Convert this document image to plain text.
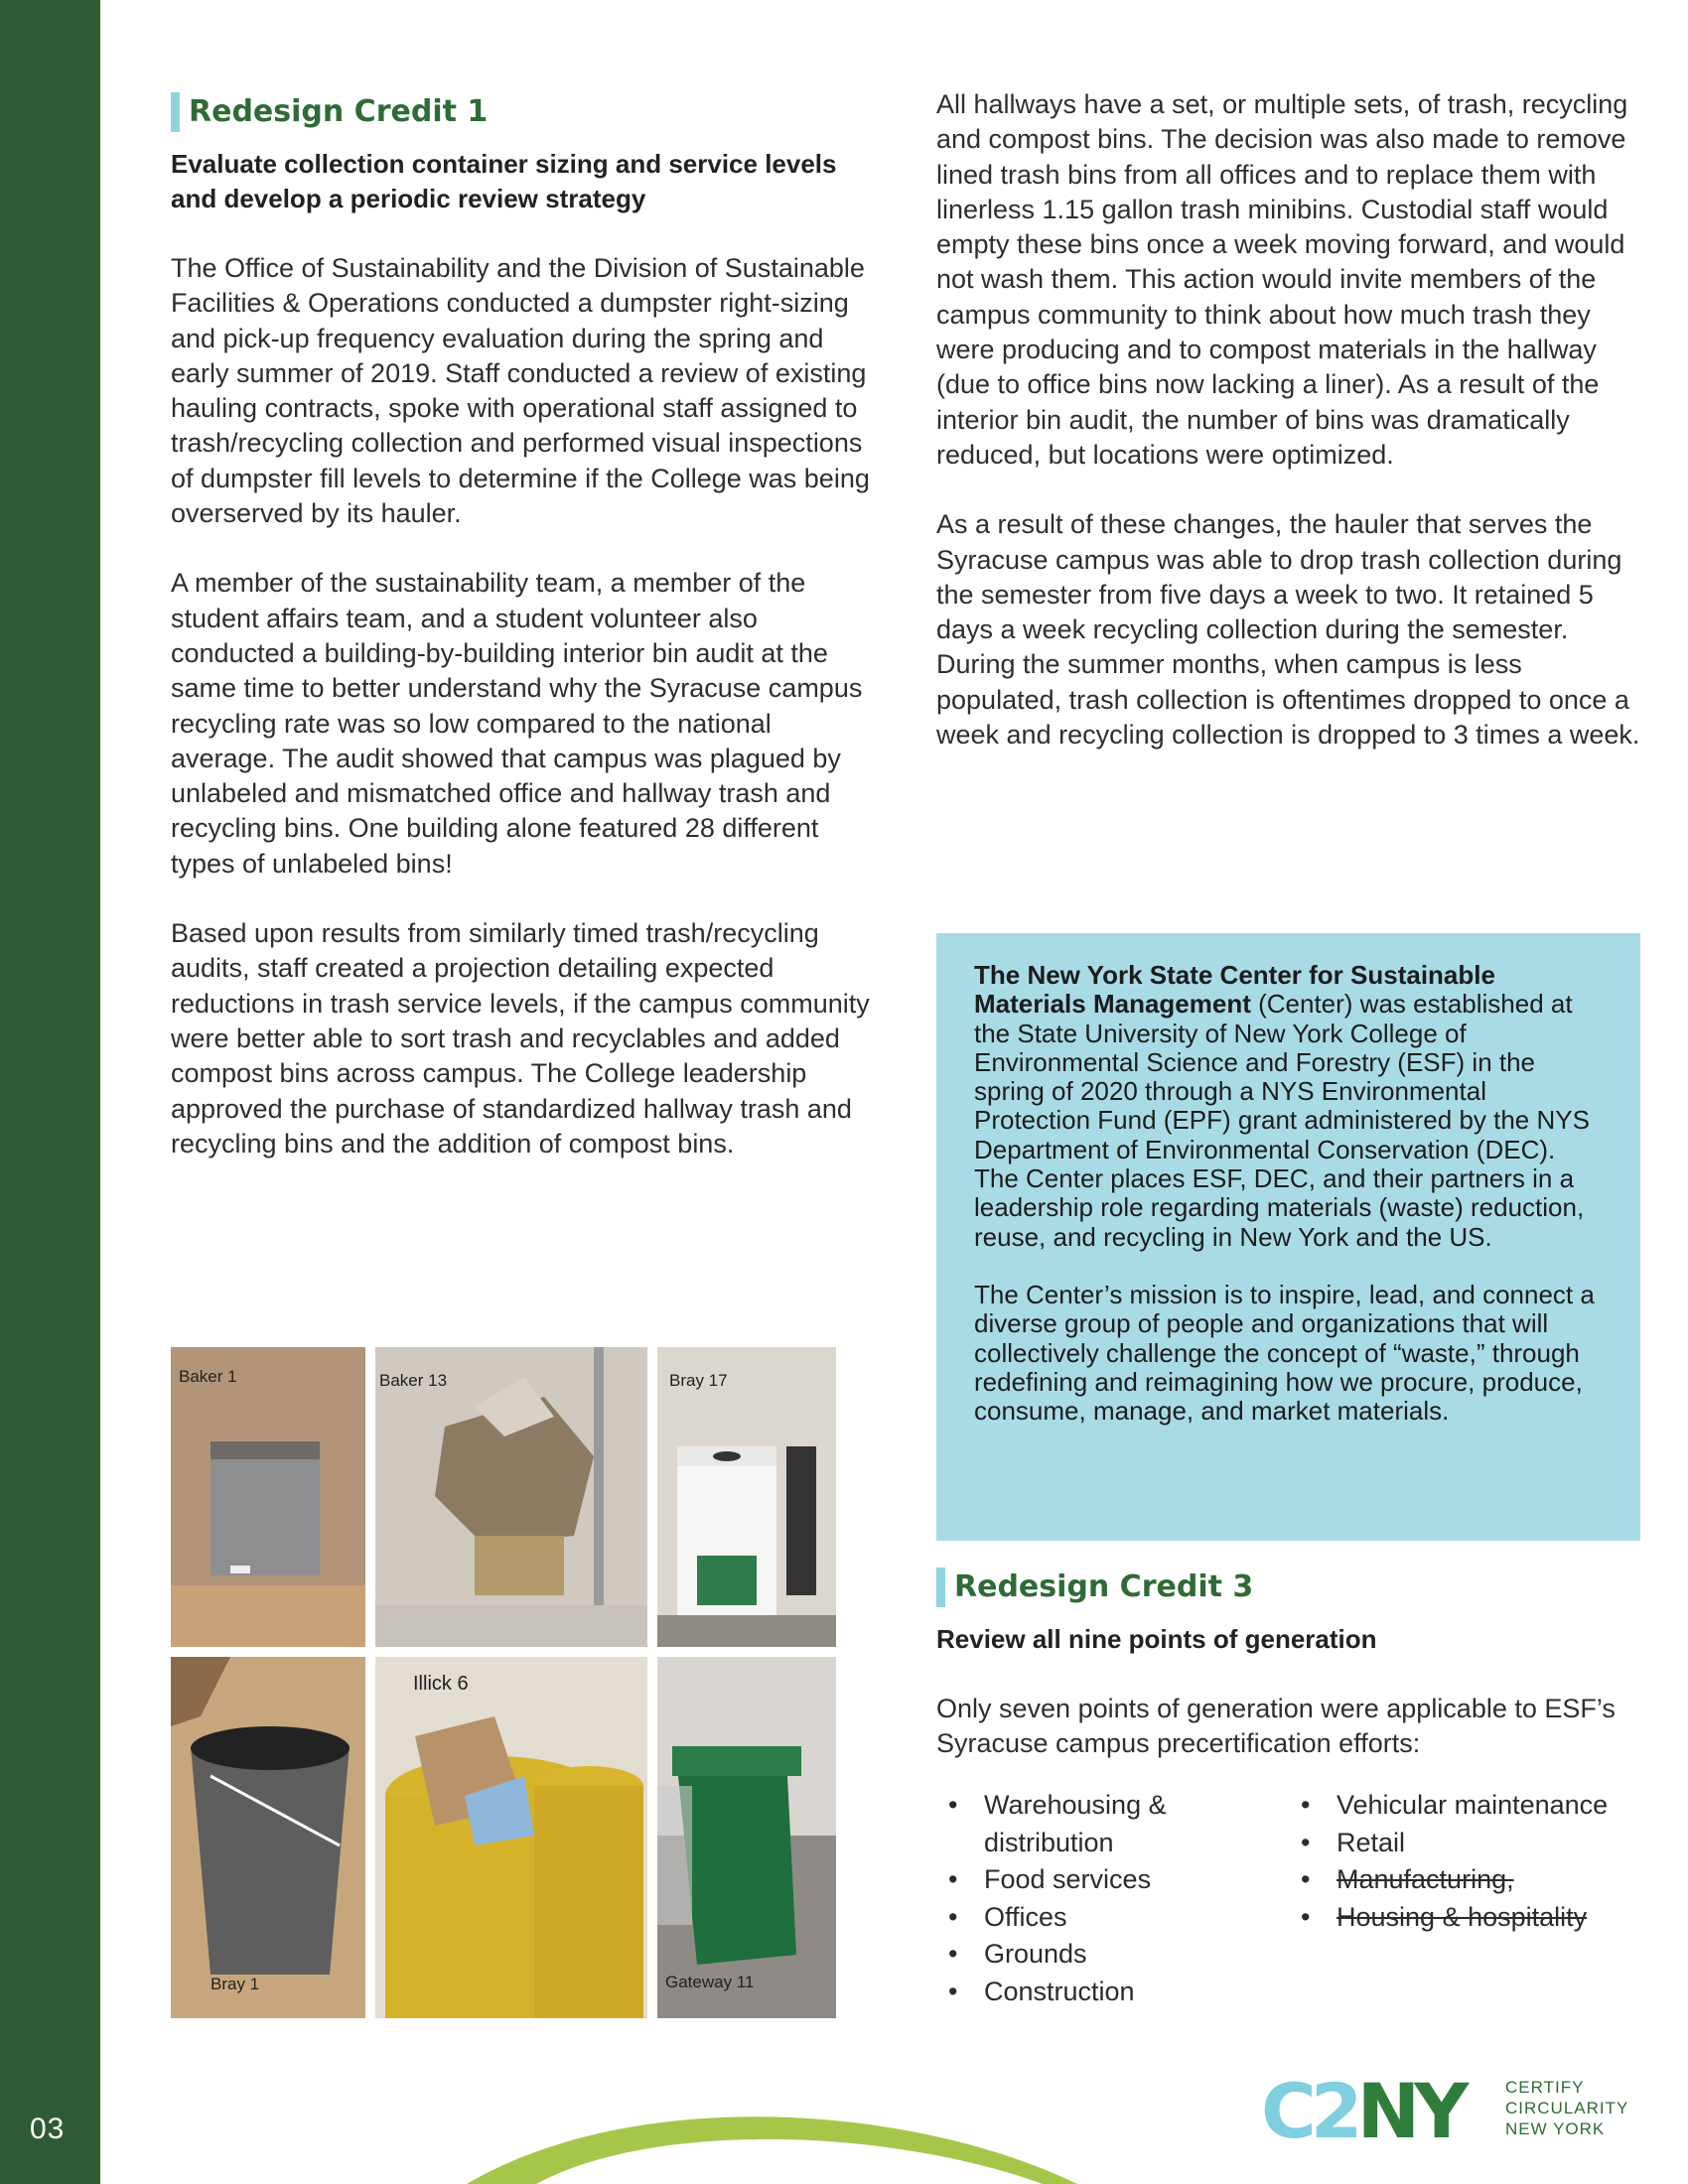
03
Redesign Credit 1

Evaluate collection container sizing and service levels and develop a periodic review strategy

The Office of Sustainability and the Division of Sustainable Facilities & Operations conducted a dumpster right-sizing and pick-up frequency evaluation during the spring and early summer of 2019. Staff conducted a review of existing hauling contracts, spoke with operational staff assigned to trash/recycling collection and performed visual inspections of dumpster fill levels to determine if the College was being overserved by its hauler.

A member of the sustainability team, a member of the student affairs team, and a student volunteer also conducted a building-by-building interior bin audit at the same time to better understand why the Syracuse campus recycling rate was so low compared to the national average. The audit showed that campus was plagued by unlabeled and mismatched office and hallway trash and recycling bins. One building alone featured 28 different types of unlabeled bins!

Based upon results from similarly timed trash/recycling audits, staff created a projection detailing expected reductions in trash service levels, if the campus community were better able to sort trash and recyclables and added compost bins across campus. The College leadership approved the purchase of standardized hallway trash and recycling bins and the addition of compost bins.

Baker 1	Baker 13	Bray 17
Bray 1
Illick 6
Gateway 11

All hallways have a set, or multiple sets, of trash, recycling and compost bins. The decision was also made to remove lined trash bins from all offices and to replace them with linerless 1.15 gallon trash minibins. Custodial staff would empty these bins once a week moving forward, and would not wash them. This action would invite members of the campus community to think about how much trash they were producing and to compost materials in the hallway (due to office bins now lacking a liner). As a result of the interior bin audit, the number of bins was dramatically reduced, but locations were optimized.

As a result of these changes, the hauler that serves the Syracuse campus was able to drop trash collection during the semester from five days a week to two. It retained 5 days a week recycling collection during the semester. During the summer months, when campus is less populated, trash collection is oftentimes dropped to once a week and recycling collection is dropped to 3 times a week.

The New York State Center for Sustainable Materials Management (Center) was established at the State University of New York College of Environmental Science and Forestry (ESF) in the spring of 2020 through a NYS Environmental Protection Fund (EPF) grant administered by the NYS Department of Environmental Conservation (DEC). The Center places ESF, DEC, and their partners in a leadership role regarding materials (waste) reduction, reuse, and recycling in New York and the US.

The Center’s mission is to inspire, lead, and connect a diverse group of people and organizations that will collectively challenge the concept of “waste,” through redefining and reimagining how we procure, produce, consume, manage, and market materials.

Redesign Credit 3

Review all nine points of generation

Only seven points of generation were applicable to ESF’s Syracuse campus precertification efforts:

• Warehousing & distribution
• Food services
• Offices
• Grounds
• Construction
• Vehicular maintenance
• Retail
• Manufacturing,
• Housing & hospitality
C2NY	CERTIFY
CIRCULARITY
NEW YORK
